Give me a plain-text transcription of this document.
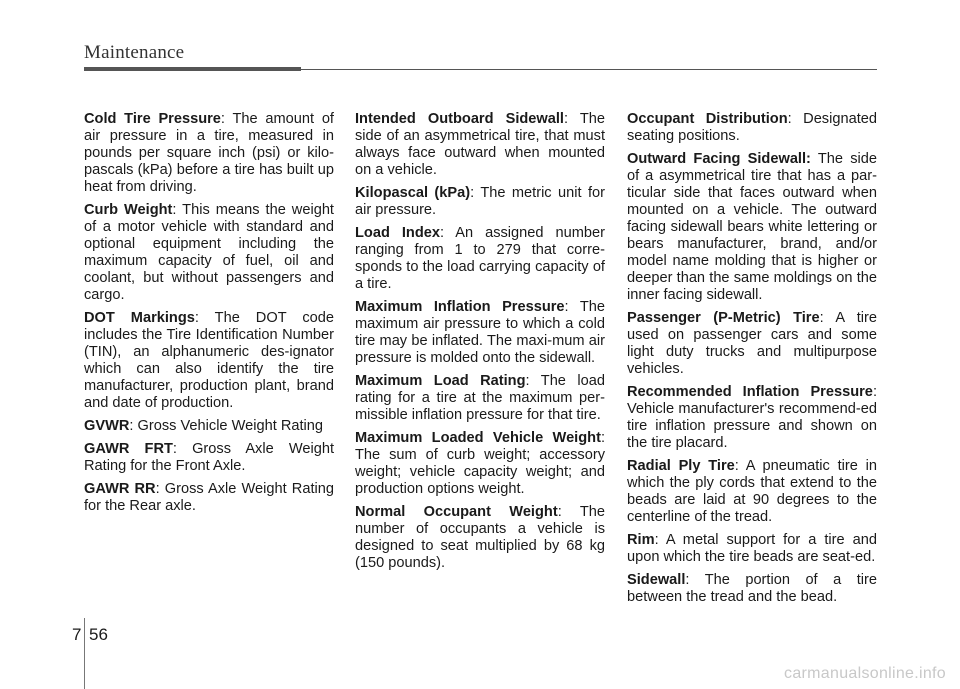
Maintenance

Cold Tire Pressure: The amount of air pressure in a tire, measured in pounds per square inch (psi) or kilo-pascals (kPa) before a tire has built up heat from driving.

Curb Weight: This means the weight of a motor vehicle with standard and optional equipment including the maximum capacity of fuel, oil and coolant, but without passengers and cargo.

DOT Markings: The DOT code includes the Tire Identification Number (TIN), an alphanumeric des-ignator which can also identify the tire manufacturer, production plant, brand and date of production.

GVWR: Gross Vehicle Weight Rating

GAWR FRT: Gross Axle Weight Rating for the Front Axle.

GAWR RR: Gross Axle Weight Rating for the Rear axle.

Intended Outboard Sidewall: The side of an asymmetrical tire, that must always face outward when mounted on a vehicle.

Kilopascal (kPa): The metric unit for air pressure.

Load Index: An assigned number ranging from 1 to 279 that corre-sponds to the load carrying capacity of a tire.

Maximum Inflation Pressure: The maximum air pressure to which a cold tire may be inflated. The maxi-mum air pressure is molded onto the sidewall.

Maximum Load Rating: The load rating for a tire at the maximum per-missible inflation pressure for that tire.

Maximum Loaded Vehicle Weight: The sum of curb weight; accessory weight; vehicle capacity weight; and production options weight.

Normal Occupant Weight: The number of occupants a vehicle is designed to seat multiplied by 68 kg (150 pounds).

Occupant Distribution: Designated seating positions.

Outward Facing Sidewall: The side of a asymmetrical tire that has a par-ticular side that faces outward when mounted on a vehicle. The outward facing sidewall bears white lettering or bears manufacturer, brand, and/or model name molding that is higher or deeper than the same moldings on the inner facing sidewall.

Passenger (P-Metric) Tire: A tire used on passenger cars and some light duty trucks and multipurpose vehicles.

Recommended Inflation Pressure: Vehicle manufacturer's recommend-ed tire inflation pressure and shown on the tire placard.

Radial Ply Tire: A pneumatic tire in which the ply cords that extend to the beads are laid at 90 degrees to the centerline of the tread.

Rim: A metal support for a tire and upon which the tire beads are seat-ed.

Sidewall: The portion of a tire between the tread and the bead.

7 56
carmanualsonline.info
